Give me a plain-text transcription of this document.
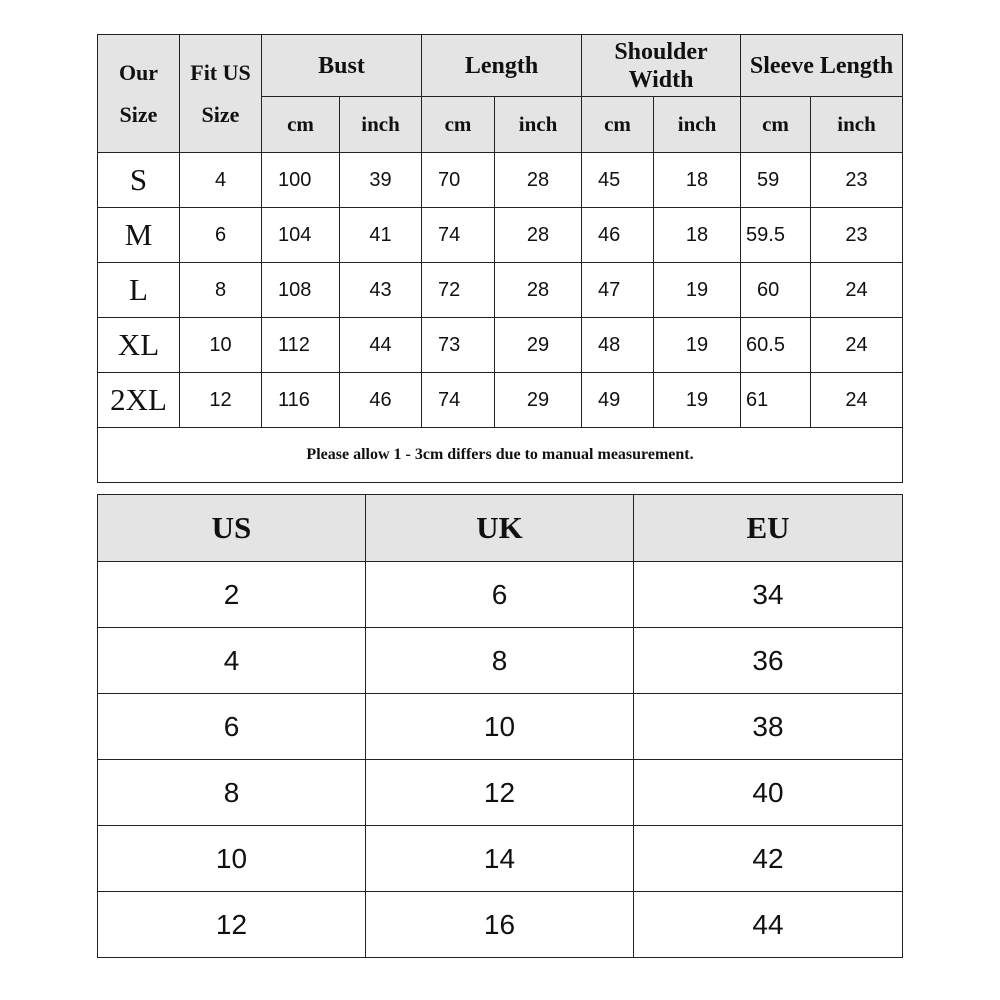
Our Size	Fit US Size	Bust		Length		Shoulder Width		Sleeve Length	
		cm	inch	cm	inch	cm	inch	cm	inch
S	4	100	39	70	28	45	18	59	23
M	6	104	41	74	28	46	18	59.5	23
L	8	108	43	72	28	47	19	60	24
XL	10	112	44	73	29	48	19	60.5	24
2XL	12	116	46	74	29	49	19	61	24
Please allow 1 - 3cm differs due to manual measurement.									
US	UK	EU
2	6	34
4	8	36
6	10	38
8	12	40
10	14	42
12	16	44
